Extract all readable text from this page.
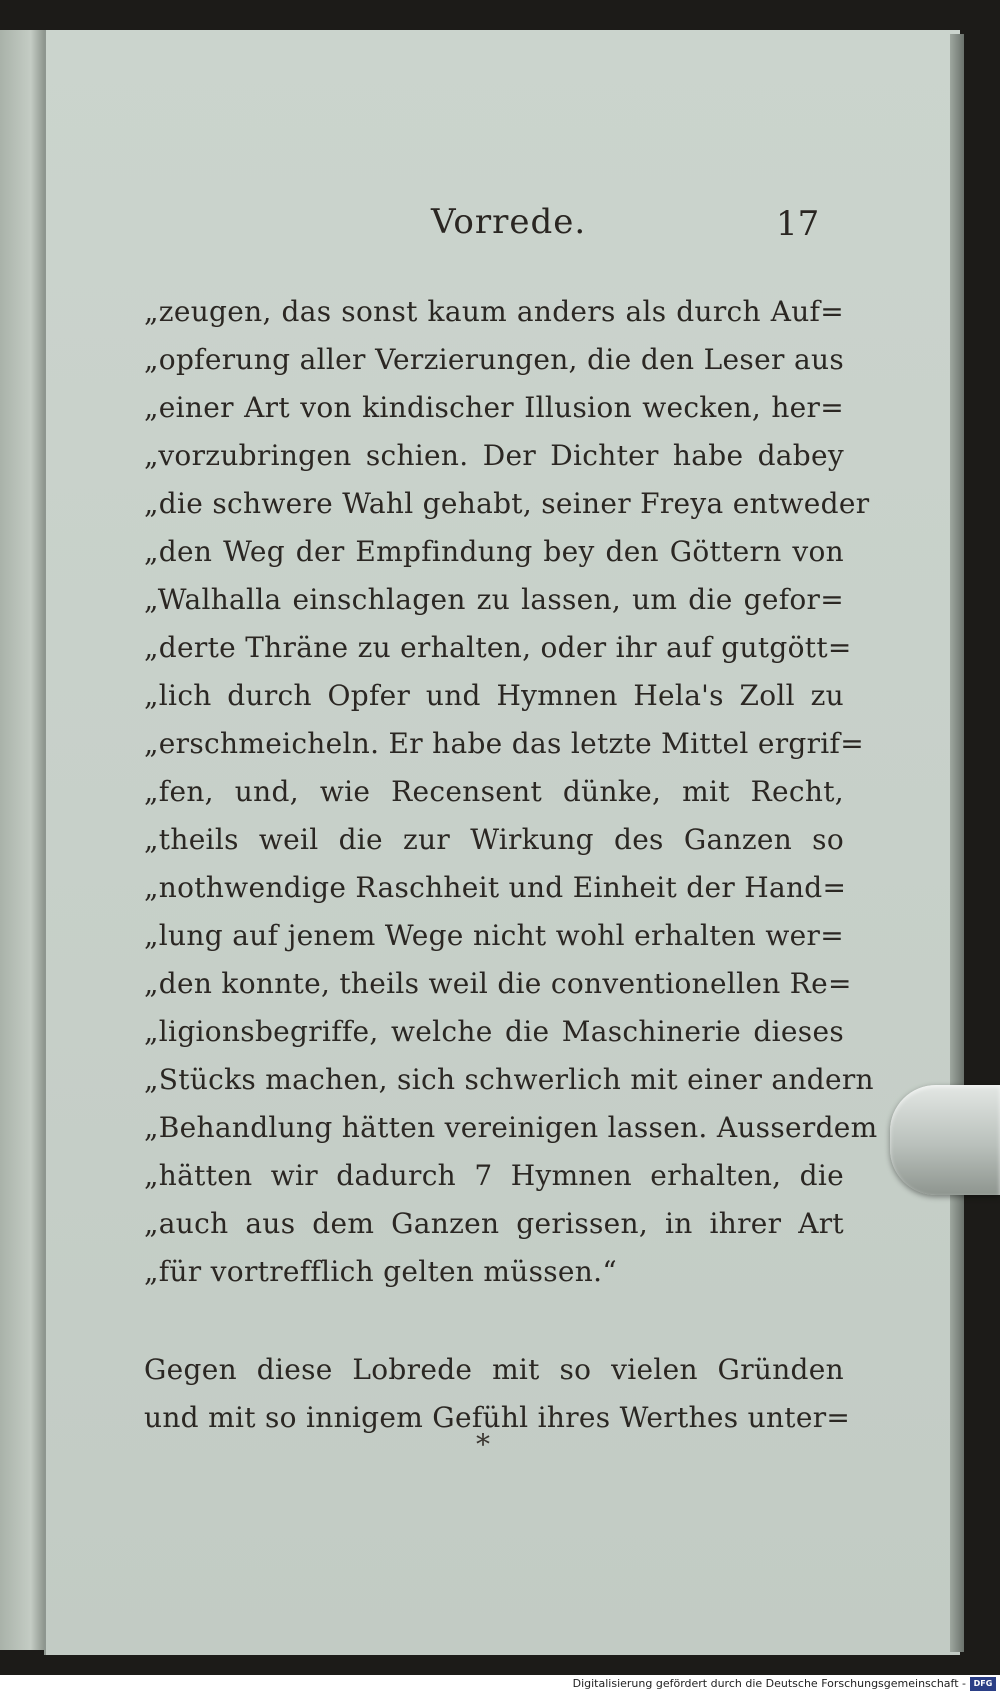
Vorrede.	17
„zeugen, das sonst kaum anders als durch Auf=
„opferung aller Verzierungen, die den Leser aus
„einer Art von kindischer Illusion wecken, her=
„vorzubringen schien. Der Dichter habe dabey
„die schwere Wahl gehabt, seiner Freya entweder
„den Weg der Empfindung bey den Göttern von
„Walhalla einschlagen zu lassen, um die gefor=
„derte Thräne zu erhalten, oder ihr auf gutgött=
„lich durch Opfer und Hymnen Hela's Zoll zu
„erschmeicheln. Er habe das letzte Mittel ergrif=
„fen, und, wie Recensent dünke, mit Recht,
„theils weil die zur Wirkung des Ganzen so
„nothwendige Raschheit und Einheit der Hand=
„lung auf jenem Wege nicht wohl erhalten wer=
„den konnte, theils weil die conventionellen Re=
„ligionsbegriffe, welche die Maschinerie dieses
„Stücks machen, sich schwerlich mit einer andern
„Behandlung hätten vereinigen lassen. Ausserdem
„hätten wir dadurch 7 Hymnen erhalten, die
„auch aus dem Ganzen gerissen, in ihrer Art
„für vortrefflich gelten müssen.“
Gegen diese Lobrede mit so vielen Gründen
und mit so innigem Gefühl ihres Werthes unter=
*
Digitalisierung gefördert durch die Deutsche Forschungsgemeinschaft - DFG
